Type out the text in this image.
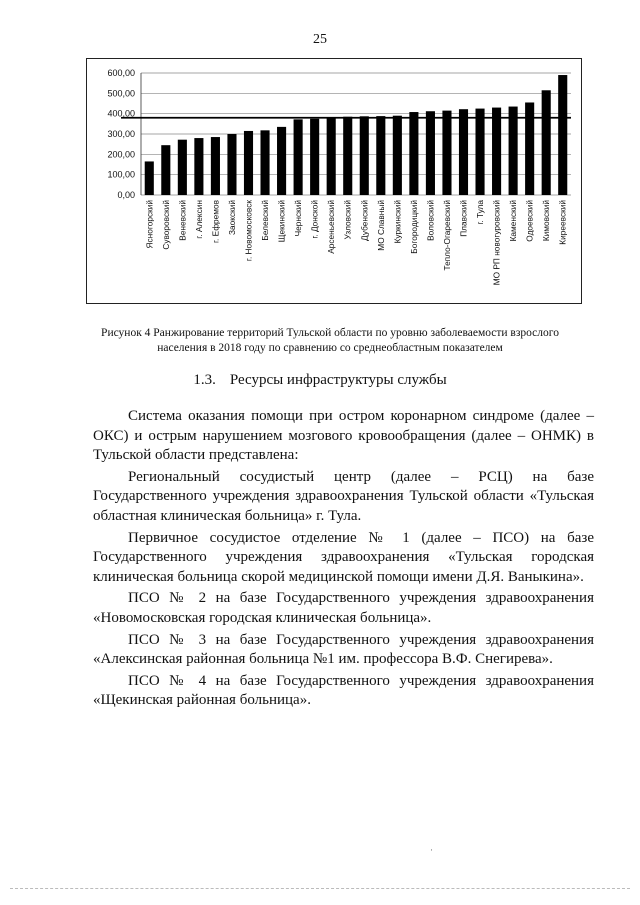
25
600,00
500,00
400,00
300,00
200,00
100,00
0,00
Ясногорский Суворовский Веневский г. Алексин г. Ефремов Заокский г. Новомосковск Белевский Щекинский Чернский г. Донской Арсеньевский Узловский Дубенский МО Славный Куркинский Богородицкий Воловский Тепло-Огаревский Плавский г. Тула МО РП новогуровский Каменский Одоевский Кимовский Киреевский
Рисунок 4 Ранжирование территорий Тульской области по уровню заболеваемости взрослого
населения в 2018 году по сравнению со среднеобластным показателем
1.3. Ресурсы инфраструктуры службы

Система оказания помощи при остром коронарном синдроме (далее – ОКС) и острым нарушением мозгового кровообращения (далее – ОНМК) в Тульской области представлена:

Региональный сосудистый центр (далее – РСЦ) на базе Государственного учреждения здравоохранения Тульской области «Тульская областная клиническая больница» г. Тула.

Первичное сосудистое отделение № 1 (далее – ПСО) на базе Государственного учреждения здравоохранения «Тульская городская клиническая больница скорой медицинской помощи имени Д.Я. Ваныкина».

ПСО № 2 на базе Государственного учреждения здравоохранения «Новомосковская городская клиническая больница».

ПСО № 3 на базе Государственного учреждения здравоохранения «Алексинская районная больница №1 им. профессора В.Ф. Снегирева».

ПСО № 4 на базе Государственного учреждения здравоохранения «Щекинская районная больница».

·
